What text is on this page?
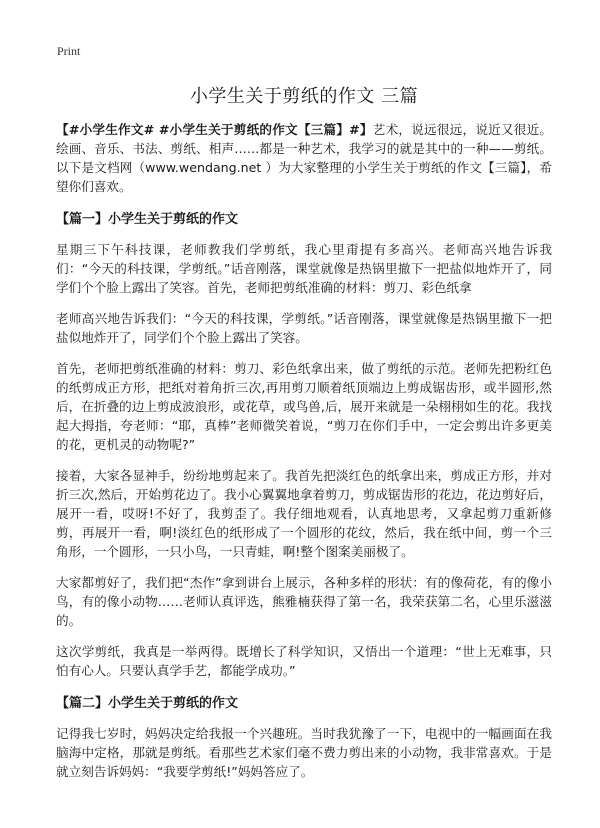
Print
小学生关于剪纸的作文 三篇

【#小学生作文# #小学生关于剪纸的作文【三篇】#】艺术，说远很远，说近又很近。绘画、音乐、书法、剪纸、相声……都是一种艺术，我学习的就是其中的一种——剪纸。以下是文档网（www.wendang.net ）为大家整理的小学生关于剪纸的作文【三篇】，希望你们喜欢。

【篇一】小学生关于剪纸的作文

星期三下午科技课，老师教我们学剪纸，我心里甭提有多高兴。老师高兴地告诉我们：“今天的科技课，学剪纸。”话音刚落，课堂就像是热锅里撤下一把盐似地炸开了，同学们个个脸上露出了笑容。首先，老师把剪纸准确的材料：剪刀、彩色纸拿

老师高兴地告诉我们：“今天的科技课，学剪纸。”话音刚落，课堂就像是热锅里撤下一把盐似地炸开了，同学们个个脸上露出了笑容。

首先，老师把剪纸准确的材料：剪刀、彩色纸拿出来，做了剪纸的示范。老师先把粉红色的纸剪成正方形，把纸对着角折三次,再用剪刀顺着纸顶端边上剪成锯齿形，或半圆形,然后，在折叠的边上剪成波浪形，或花草，或鸟兽,后，展开来就是一朵栩栩如生的花。我找起大拇指，夸老师：“耶，真棒”老师微笑着说，“剪刀在你们手中，一定会剪出许多更美的花，更机灵的动物呢?”

接着，大家各显神手，纷纷地剪起来了。我首先把淡红色的纸拿出来，剪成正方形，并对折三次,然后，开始剪花边了。我小心翼翼地拿着剪刀，剪成锯齿形的花边，花边剪好后，展开一看，哎呀!不好了，我剪歪了。我仔细地观看，认真地思考，又拿起剪刀重新修剪，再展开一看，啊!淡红色的纸形成了一个圆形的花纹，然后，我在纸中间，剪一个三角形，一个圆形，一只小鸟，一只青蛙，啊!整个图案美丽极了。

大家都剪好了，我们把“杰作”拿到讲台上展示，各种多样的形状：有的像荷花，有的像小鸟，有的像小动物……老师认真评选，熊雅楠获得了第一名，我荣获第二名，心里乐滋滋的。

这次学剪纸，我真是一举两得。既增长了科学知识，又悟出一个道理：“世上无难事，只怕有心人。只要认真学手艺，都能学成功。”

【篇二】小学生关于剪纸的作文

记得我七岁时，妈妈决定给我报一个兴趣班。当时我犹豫了一下，电视中的一幅画面在我脑海中定格，那就是剪纸。看那些艺术家们毫不费力剪出来的小动物，我非常喜欢。于是就立刻告诉妈妈：“我要学剪纸!”妈妈答应了。
